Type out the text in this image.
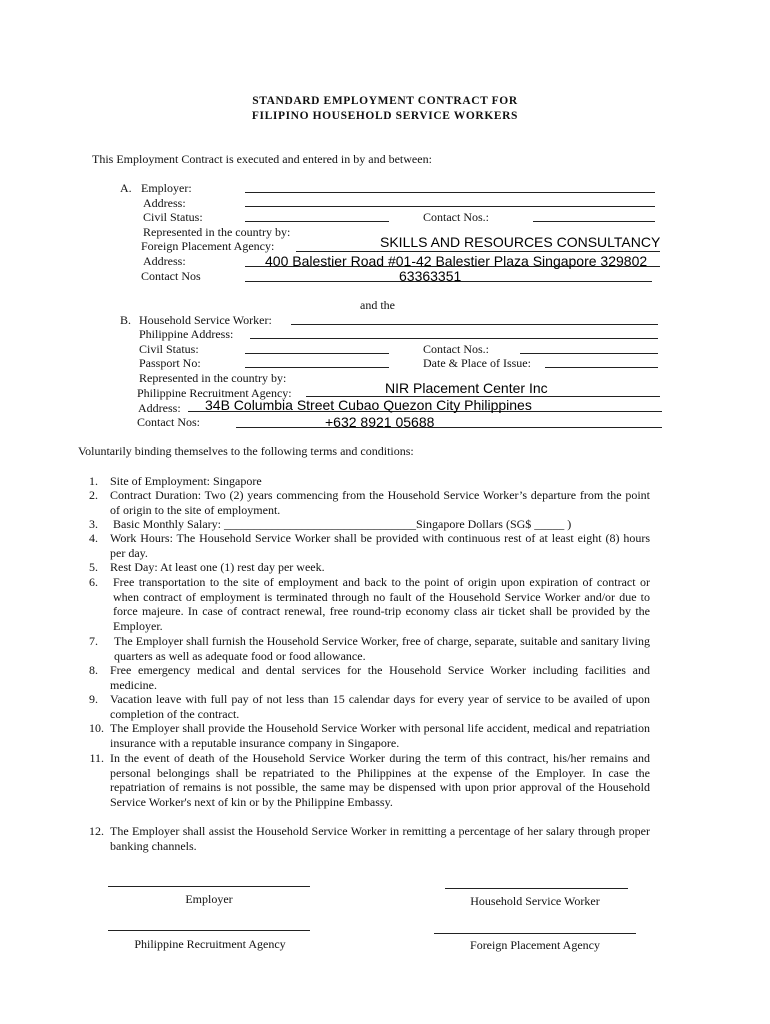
STANDARD EMPLOYMENT CONTRACT FOR
FILIPINO HOUSEHOLD SERVICE WORKERS
This Employment Contract is executed and entered in by and between:
A. Employer:
Address:
Civil Status:	Contact Nos.:
Represented in the country by:
Foreign Placement Agency:	SKILLS AND RESOURCES CONSULTANCY
Address:	400 Balestier Road #01-42 Balestier Plaza Singapore 329802
Contact Nos	63363351
and the
B. Household Service Worker:
Philippine Address:
Civil Status:	Contact Nos.:
Passport No:	Date & Place of Issue:
Represented in the country by:
Philippine Recruitment Agency:	NIR Placement Center Inc
Address: 34B Columbia Street Cubao Quezon City Philippines
Contact Nos:	+632 8921 05688
Voluntarily binding themselves to the following terms and conditions:
1. Site of Employment: Singapore
2. Contract Duration: Two (2) years commencing from the Household Service Worker’s departure from the point of origin to the site of employment.
3. Basic Monthly Salary: ________________________________Singapore Dollars (SG$ _____ )
4. Work Hours: The Household Service Worker shall be provided with continuous rest of at least eight (8) hours per day.
5. Rest Day: At least one (1) rest day per week.
6. Free transportation to the site of employment and back to the point of origin upon expiration of contract or when contract of employment is terminated through no fault of the Household Service Worker and/or due to force majeure. In case of contract renewal, free round-trip economy class air ticket shall be provided by the Employer.
7. The Employer shall furnish the Household Service Worker, free of charge, separate, suitable and sanitary living quarters as well as adequate food or food allowance.
8. Free emergency medical and dental services for the Household Service Worker including facilities and medicine.
9. Vacation leave with full pay of not less than 15 calendar days for every year of service to be availed of upon completion of the contract.
10. The Employer shall provide the Household Service Worker with personal life accident, medical and repatriation insurance with a reputable insurance company in Singapore.
11. In the event of death of the Household Service Worker during the term of this contract, his/her remains and personal belongings shall be repatriated to the Philippines at the expense of the Employer. In case the repatriation of remains is not possible, the same may be dispensed with upon prior approval of the Household Service Worker's next of kin or by the Philippine Embassy.
12. The Employer shall assist the Household Service Worker in remitting a percentage of her salary through proper banking channels.
Employer	Household Service Worker
Philippine Recruitment Agency	Foreign Placement Agency
